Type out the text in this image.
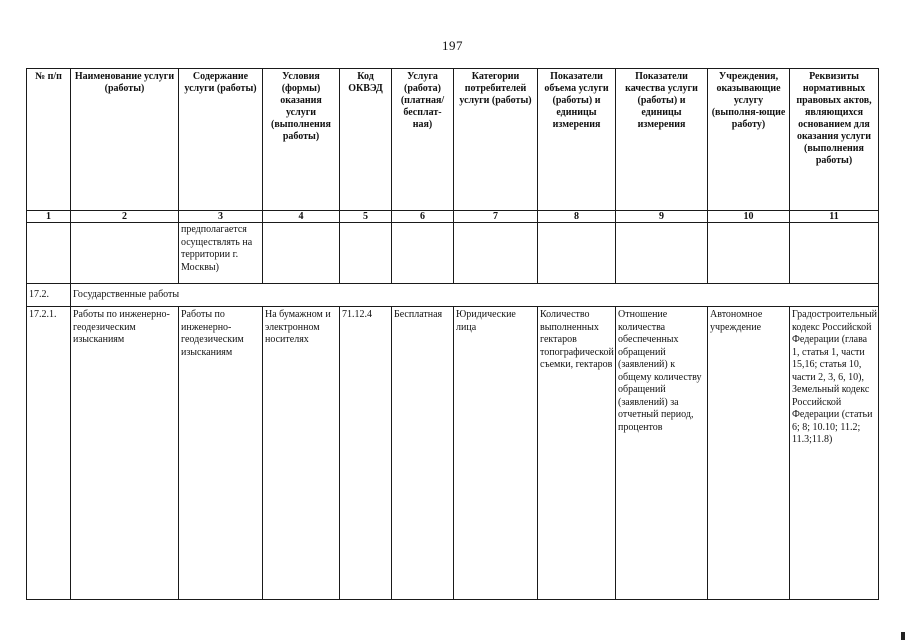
197
№ п/п	Наименование услуги (работы)	Содержание услуги (работы)	Условия (формы) оказания услуги (выполнения работы)	Код ОКВЭД	Услуга (работа) (платная/ бесплат-ная)	Категории потребителей услуги (работы)	Показатели объема услуги (работы) и единицы измерения	Показатели качества услуги (работы) и единицы измерения	Учреждения, оказывающие услугу (выполня-ющие работу)	Реквизиты нормативных правовых актов, являющихся основанием для оказания услуги (выполнения работы)
1	2	3	4	5	6	7	8	9	10	11
		предполагается осуществлять на территории г. Москвы)								
17.2.	Государственные работы									
17.2.1.	Работы по инженерно-геодезическим изысканиям	Работы по инженерно-геодезическим изысканиям	На бумажном и электронном носителях	71.12.4	Бесплатная	Юридические лица	Количество выполненных гектаров топографической съемки, гектаров	Отношение количества обеспеченных обращений (заявлений) к общему количеству обращений (заявлений) за отчетный период, процентов	Автономное учреждение	Градостроительный кодекс Российской Федерации (глава 1, статья 1, части 15,16; статья 10, части 2, 3, 6, 10), Земельный кодекс Российской Федерации (статьи 6; 8; 10.10; 11.2; 11.3;11.8)
